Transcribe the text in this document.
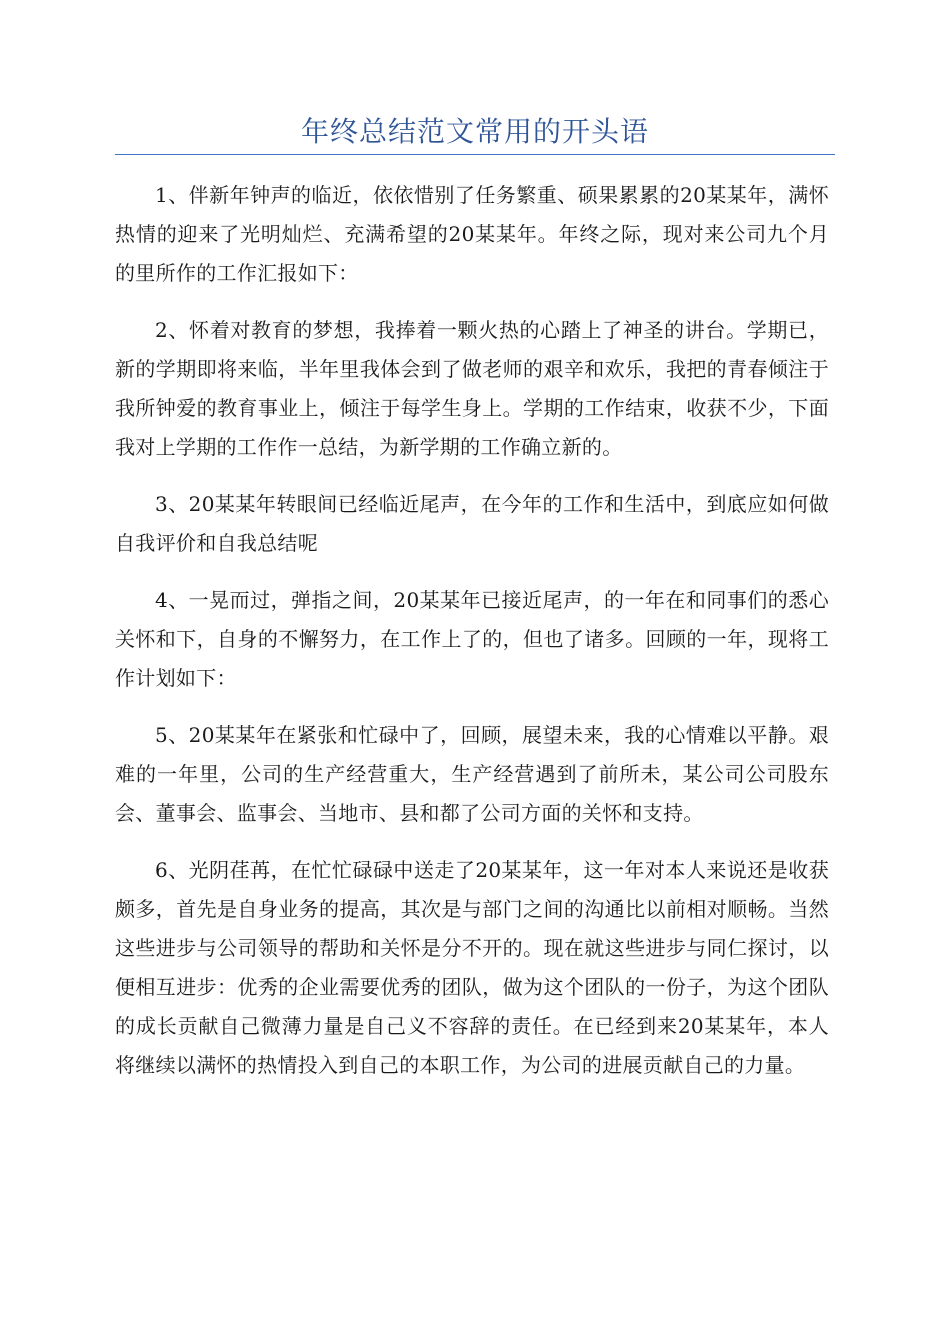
年终总结范文常用的开头语

1、伴新年钟声的临近，依依惜别了任务繁重、硕果累累的20某某年，满怀热情的迎来了光明灿烂、充满希望的20某某年。年终之际，现对来公司九个月的里所作的工作汇报如下：

2、怀着对教育的梦想，我捧着一颗火热的心踏上了神圣的讲台。学期已，新的学期即将来临，半年里我体会到了做老师的艰辛和欢乐，我把的青春倾注于我所钟爱的教育事业上，倾注于每学生身上。学期的工作结束，收获不少，下面我对上学期的工作作一总结，为新学期的工作确立新的。

3、20某某年转眼间已经临近尾声，在今年的工作和生活中，到底应如何做自我评价和自我总结呢

4、一晃而过，弹指之间，20某某年已接近尾声，的一年在和同事们的悉心关怀和下，自身的不懈努力，在工作上了的，但也了诸多。回顾的一年，现将工作计划如下：

5、20某某年在紧张和忙碌中了，回顾，展望未来，我的心情难以平静。艰难的一年里，公司的生产经营重大，生产经营遇到了前所未，某公司公司股东会、董事会、监事会、当地市、县和都了公司方面的关怀和支持。

6、光阴荏苒，在忙忙碌碌中送走了20某某年，这一年对本人来说还是收获颇多，首先是自身业务的提高，其次是与部门之间的沟通比以前相对顺畅。当然这些进步与公司领导的帮助和关怀是分不开的。现在就这些进步与同仁探讨，以便相互进步：优秀的企业需要优秀的团队，做为这个团队的一份子，为这个团队的成长贡献自己微薄力量是自己义不容辞的责任。在已经到来20某某年，本人将继续以满怀的热情投入到自己的本职工作，为公司的进展贡献自己的力量。
